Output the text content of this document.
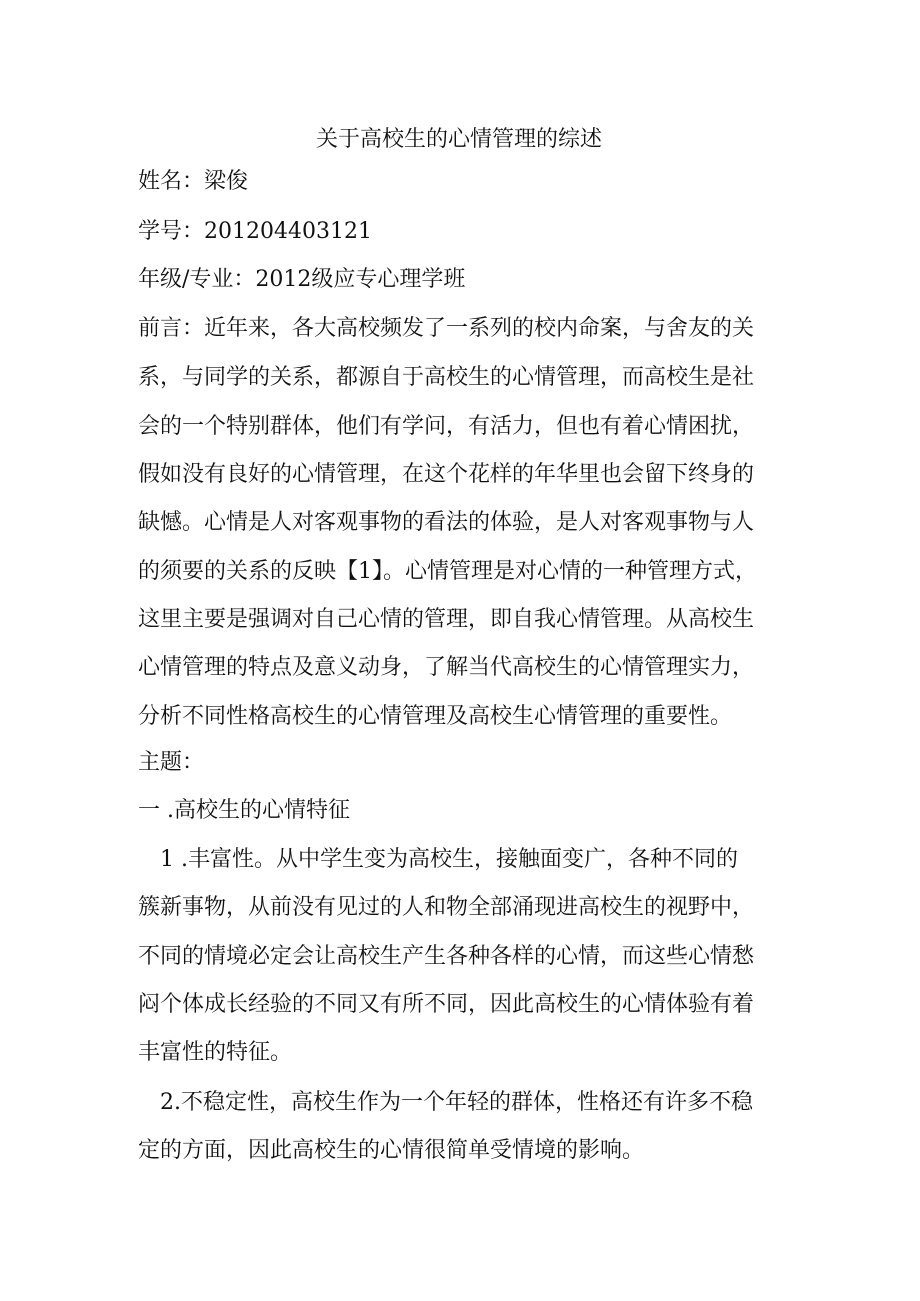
关于高校生的心情管理的综述

姓名：梁俊

学号：201204403121

年级/专业：2012级应专心理学班

前言：近年来，各大高校频发了一系列的校内命案，与舍友的关

系，与同学的关系，都源自于高校生的心情管理，而高校生是社

会的一个特别群体，他们有学问，有活力，但也有着心情困扰，

假如没有良好的心情管理，在这个花样的年华里也会留下终身的

缺憾。心情是人对客观事物的看法的体验，是人对客观事物与人

的须要的关系的反映【1】。心情管理是对心情的一种管理方式，

这里主要是强调对自己心情的管理，即自我心情管理。从高校生

心情管理的特点及意义动身，了解当代高校生的心情管理实力，

分析不同性格高校生的心情管理及高校生心情管理的重要性。

主题：

一 .高校生的心情特征

1 .丰富性。从中学生变为高校生，接触面变广，各种不同的

簇新事物，从前没有见过的人和物全部涌现进高校生的视野中，

不同的情境必定会让高校生产生各种各样的心情，而这些心情愁

闷个体成长经验的不同又有所不同，因此高校生的心情体验有着

丰富性的特征。

2.不稳定性，高校生作为一个年轻的群体，性格还有许多不稳

定的方面，因此高校生的心情很简单受情境的影响。
